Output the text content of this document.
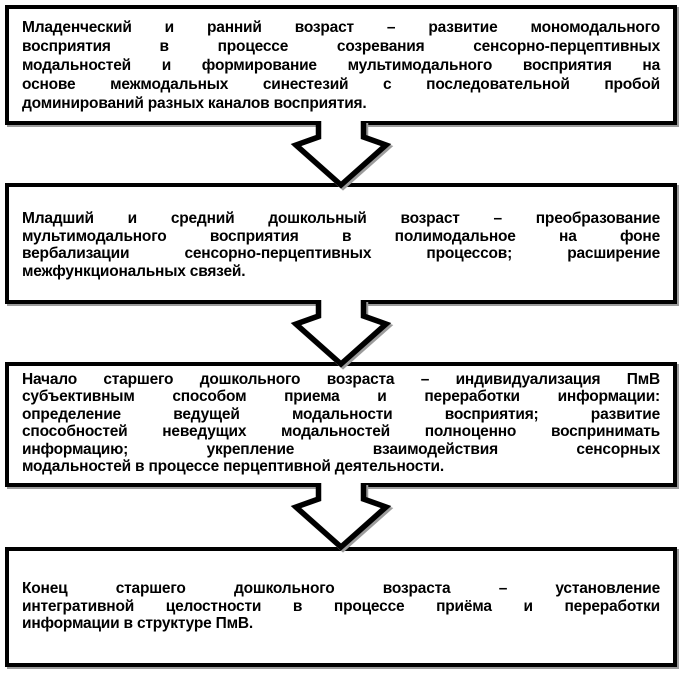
Младенческий и ранний возраст – развитие мономодального
восприятия в процессе созревания сенсорно-перцептивных
модальностей и формирование мультимодального восприятия на
основе межмодальных синестезий с последовательной пробой
доминирований разных каналов восприятия.
Младший и средний дошкольный возраст – преобразование
мультимодального восприятия в полимодальное на фоне
вербализации сенсорно-перцептивных процессов; расширение
межфункциональных связей.
Начало старшего дошкольного возраста – индивидуализация ПмВ
субъективным способом приема и переработки информации:
определение ведущей модальности восприятия; развитие
способностей неведущих модальностей полноценно воспринимать
информацию; укрепление взаимодействия сенсорных
модальностей в процессе перцептивной деятельности.
Конец старшего дошкольного возраста – установление
интегративной целостности в процессе приёма и переработки
информации в структуре ПмВ.
